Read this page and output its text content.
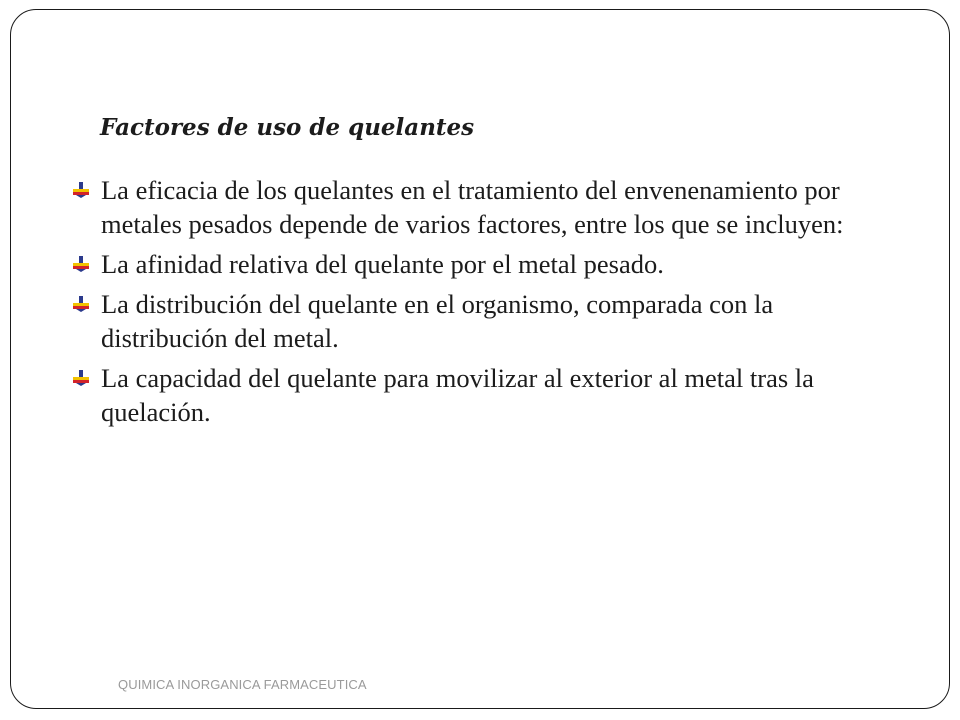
Factores de uso de quelantes
La eficacia de los quelantes en el tratamiento del envenenamiento por metales pesados depende de varios factores, entre los que se incluyen:
La afinidad relativa del quelante por el metal pesado.
La distribución del quelante en el organismo, comparada con la distribución del metal.
La capacidad del quelante para movilizar al exterior al metal tras la quelación.
QUIMICA INORGANICA FARMACEUTICA
